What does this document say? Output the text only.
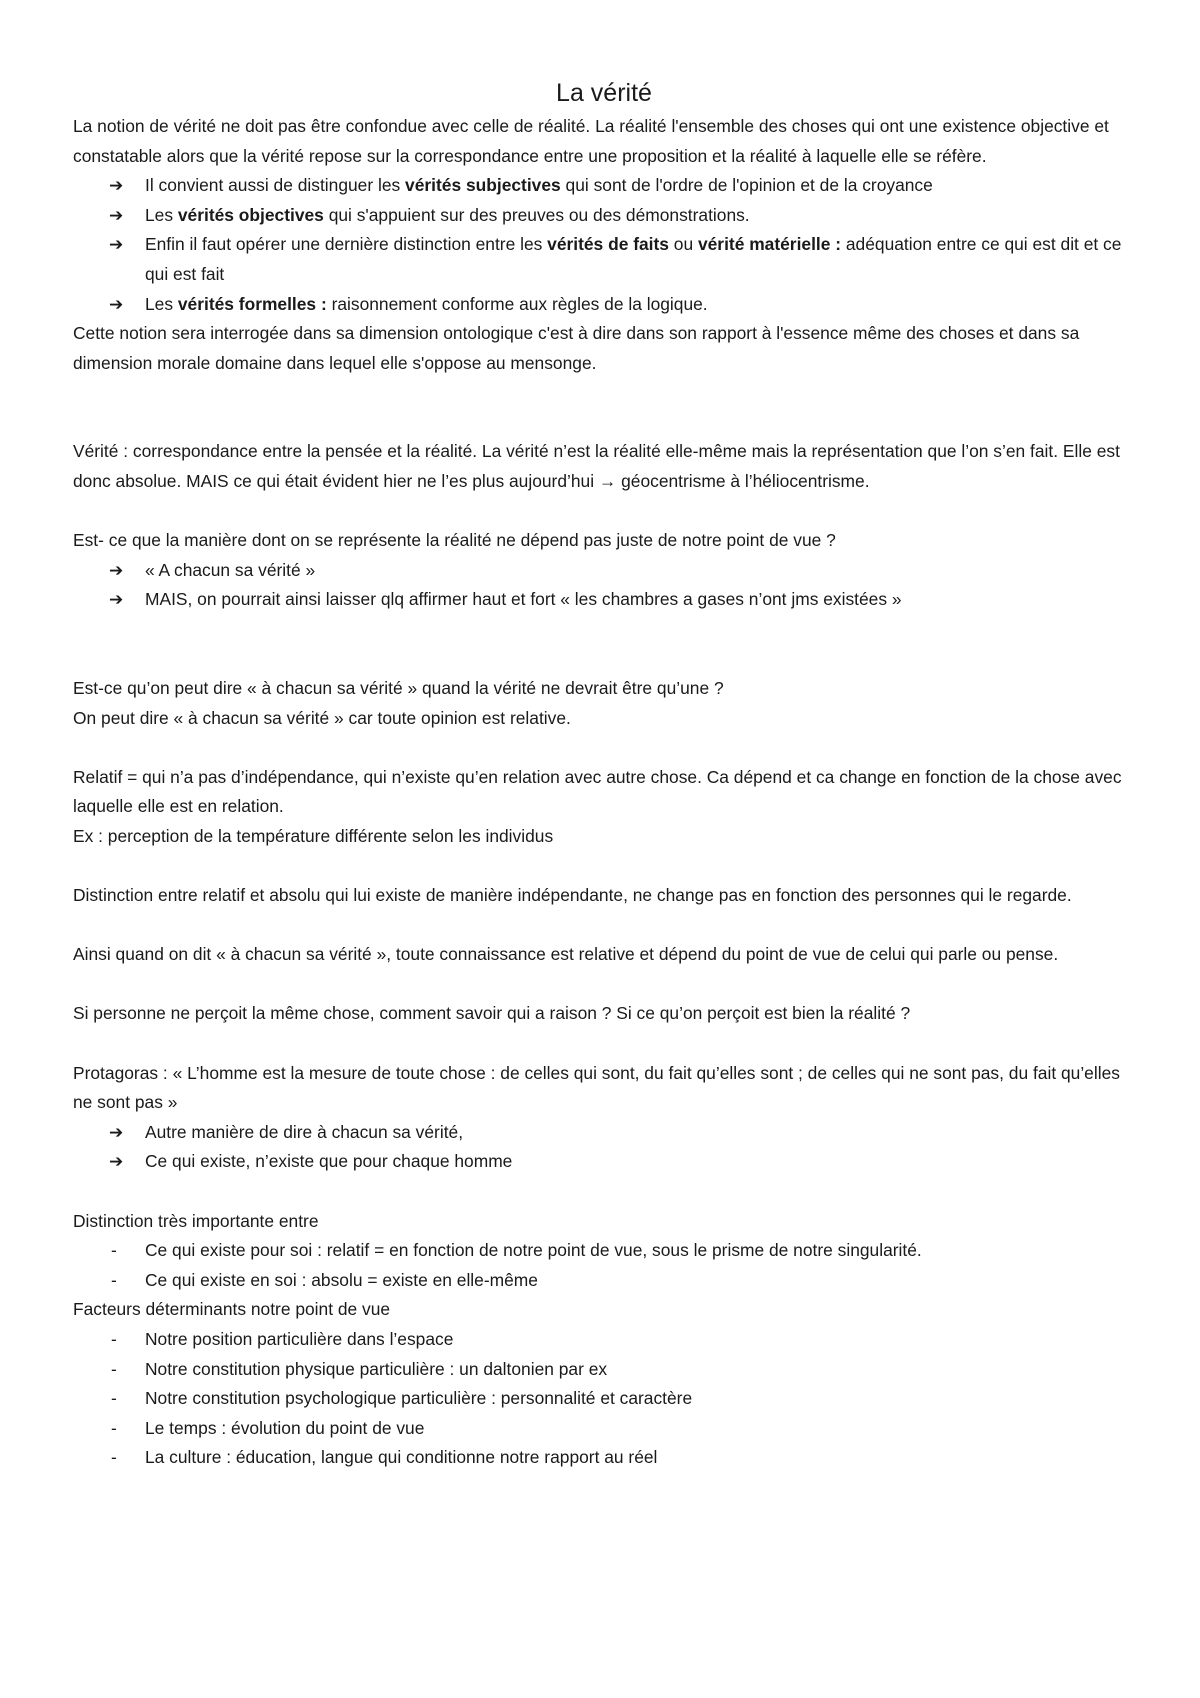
La vérité

La notion de vérité ne doit pas être confondue avec celle de réalité. La réalité l'ensemble des choses qui ont une existence objective et constatable alors que la vérité repose sur la correspondance entre une proposition et la réalité à laquelle elle se réfère.

➔	Il convient aussi de distinguer les vérités subjectives qui sont de l'ordre de l'opinion et de la croyance
➔	Les vérités objectives qui s'appuient sur des preuves ou des démonstrations.
➔	Enfin il faut opérer une dernière distinction entre les vérités de faits ou vérité matérielle : adéquation entre ce qui est dit et ce qui est fait
➔	Les vérités formelles : raisonnement conforme aux règles de la logique.

Cette notion sera interrogée dans sa dimension ontologique c'est à dire dans son rapport à l'essence même des choses et dans sa dimension morale domaine dans lequel elle s'oppose au mensonge.

Vérité : correspondance entre la pensée et la réalité. La vérité n’est la réalité elle-même mais la représentation que l’on s’en fait. Elle est donc absolue. MAIS ce qui était évident hier ne l’es plus aujourd’hui → géocentrisme à l’héliocentrisme.

Est- ce que la manière dont on se représente la réalité ne dépend pas juste de notre point de vue ?

➔	« A chacun sa vérité »
➔	MAIS, on pourrait ainsi laisser qlq affirmer haut et fort « les chambres a gases n’ont jms existées »

Est-ce qu’on peut dire « à chacun sa vérité » quand la vérité ne devrait être qu’une ?

On peut dire « à chacun sa vérité » car toute opinion est relative.

Relatif = qui n’a pas d’indépendance, qui n’existe qu’en relation avec autre chose. Ca dépend et ca change en fonction de la chose avec laquelle elle est en relation.

Ex : perception de la température différente selon les individus

Distinction entre relatif et absolu qui lui existe de manière indépendante, ne change pas en fonction des personnes qui le regarde.

Ainsi quand on dit « à chacun sa vérité », toute connaissance est relative et dépend du point de vue de celui qui parle ou pense.

Si personne ne perçoit la même chose, comment savoir qui a raison ? Si ce qu’on perçoit est bien la réalité ?

Protagoras : « L’homme est la mesure de toute chose : de celles qui sont, du fait qu’elles sont ; de celles qui ne sont pas, du fait qu’elles ne sont pas »

➔	Autre manière de dire à chacun sa vérité,
➔	Ce qui existe, n’existe que pour chaque homme

Distinction très importante entre

-	Ce qui existe pour soi : relatif = en fonction de notre point de vue, sous le prisme de notre singularité.
-	Ce qui existe en soi : absolu = existe en elle-même

Facteurs déterminants notre point de vue

-	Notre position particulière dans l’espace
-	Notre constitution physique particulière : un daltonien par ex
-	Notre constitution psychologique particulière : personnalité et caractère
-	Le temps : évolution du point de vue
-	La culture : éducation, langue qui conditionne notre rapport au réel
